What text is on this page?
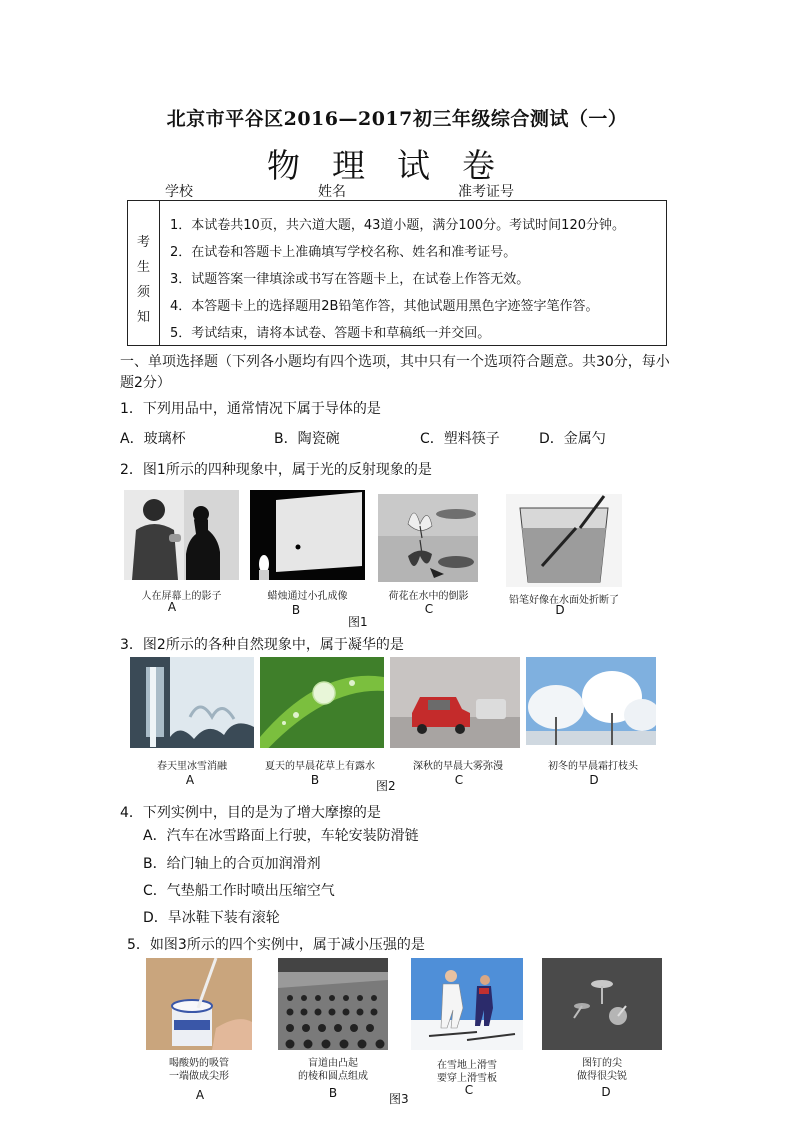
北京市平谷区2016—2017初三年级综合测试（一）
物理试卷
学校	姓名	准考证号
考
生
须
知
1．本试卷共10页，共六道大题，43道小题，满分100分。考试时间120分钟。
2．在试卷和答题卡上准确填写学校名称、姓名和准考证号。
3．试题答案一律填涂或书写在答题卡上，在试卷上作答无效。
4．本答题卡上的选择题用2B铅笔作答，其他试题用黑色字迹签字笔作答。
5．考试结束，请将本试卷、答题卡和草稿纸一并交回。
一、单项选择题（下列各小题均有四个选项，其中只有一个选项符合题意。共30分，每小
题2分）
1．下列用品中，通常情况下属于导体的是
A．玻璃杯	B．陶瓷碗	C．塑料筷子	D．金属勺
2．图1所示的四种现象中，属于光的反射现象的是
人在屏幕上的影子	蜡烛通过小孔成像	荷花在水中的倒影	铅笔好像在水面处折断了
A	B	C	D
图1
3．图2所示的各种自然现象中，属于凝华的是
春天里冰雪消融	夏天的早晨花草上有露水	深秋的早晨大雾弥漫	初冬的早晨霜打枝头
A	B	C	D
图2
4．下列实例中，目的是为了增大摩擦的是
A．汽车在冰雪路面上行驶，车轮安装防滑链
B．给门轴上的合页加润滑剂
C．气垫船工作时喷出压缩空气
D．旱冰鞋下装有滚轮
5．如图3所示的四个实例中，属于减小压强的是
喝酸奶的吸管
一端做成尖形
盲道由凸起
的棱和圆点组成
在雪地上滑雪
要穿上滑雪板
图钉的尖
做得很尖锐
A	B	C	D
图3
